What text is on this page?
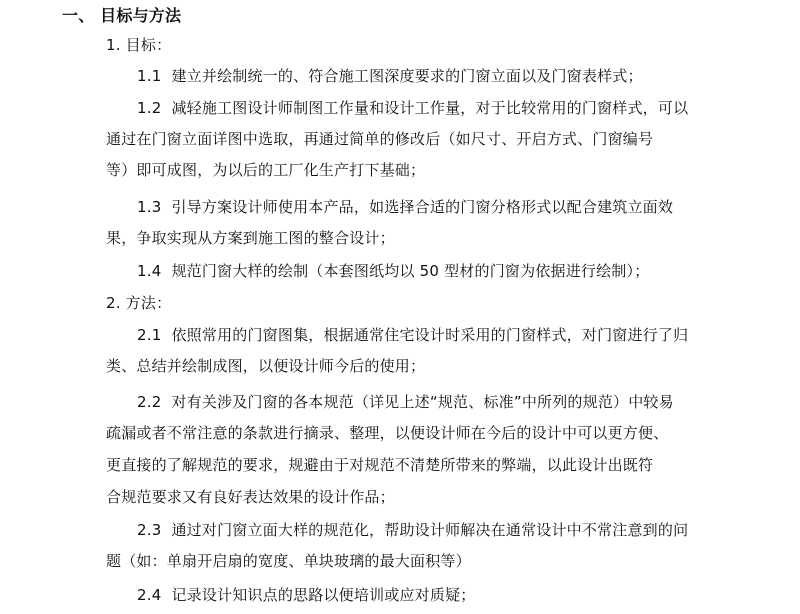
一、 目标与方法
1. 目标：
1.1 建立并绘制统一的、符合施工图深度要求的门窗立面以及门窗表样式；
1.2 减轻施工图设计师制图工作量和设计工作量，对于比较常用的门窗样式，可以
通过在门窗立面详图中选取，再通过简单的修改后（如尺寸、开启方式、门窗编号
等）即可成图，为以后的工厂化生产打下基础；
1.3 引导方案设计师使用本产品，如选择合适的门窗分格形式以配合建筑立面效
果，争取实现从方案到施工图的整合设计；
1.4 规范门窗大样的绘制（本套图纸均以 50 型材的门窗为依据进行绘制）；
2. 方法：
2.1 依照常用的门窗图集，根据通常住宅设计时采用的门窗样式，对门窗进行了归
类、总结并绘制成图，以便设计师今后的使用；
2.2 对有关涉及门窗的各本规范（详见上述“规范、标准”中所列的规范）中较易
疏漏或者不常注意的条款进行摘录、整理，以便设计师在今后的设计中可以更方便、
更直接的了解规范的要求，规避由于对规范不清楚所带来的弊端，以此设计出既符
合规范要求又有良好表达效果的设计作品；
2.3 通过对门窗立面大样的规范化，帮助设计师解决在通常设计中不常注意到的问
题（如：单扇开启扇的宽度、单块玻璃的最大面积等）
2.4 记录设计知识点的思路以便培训或应对质疑；
